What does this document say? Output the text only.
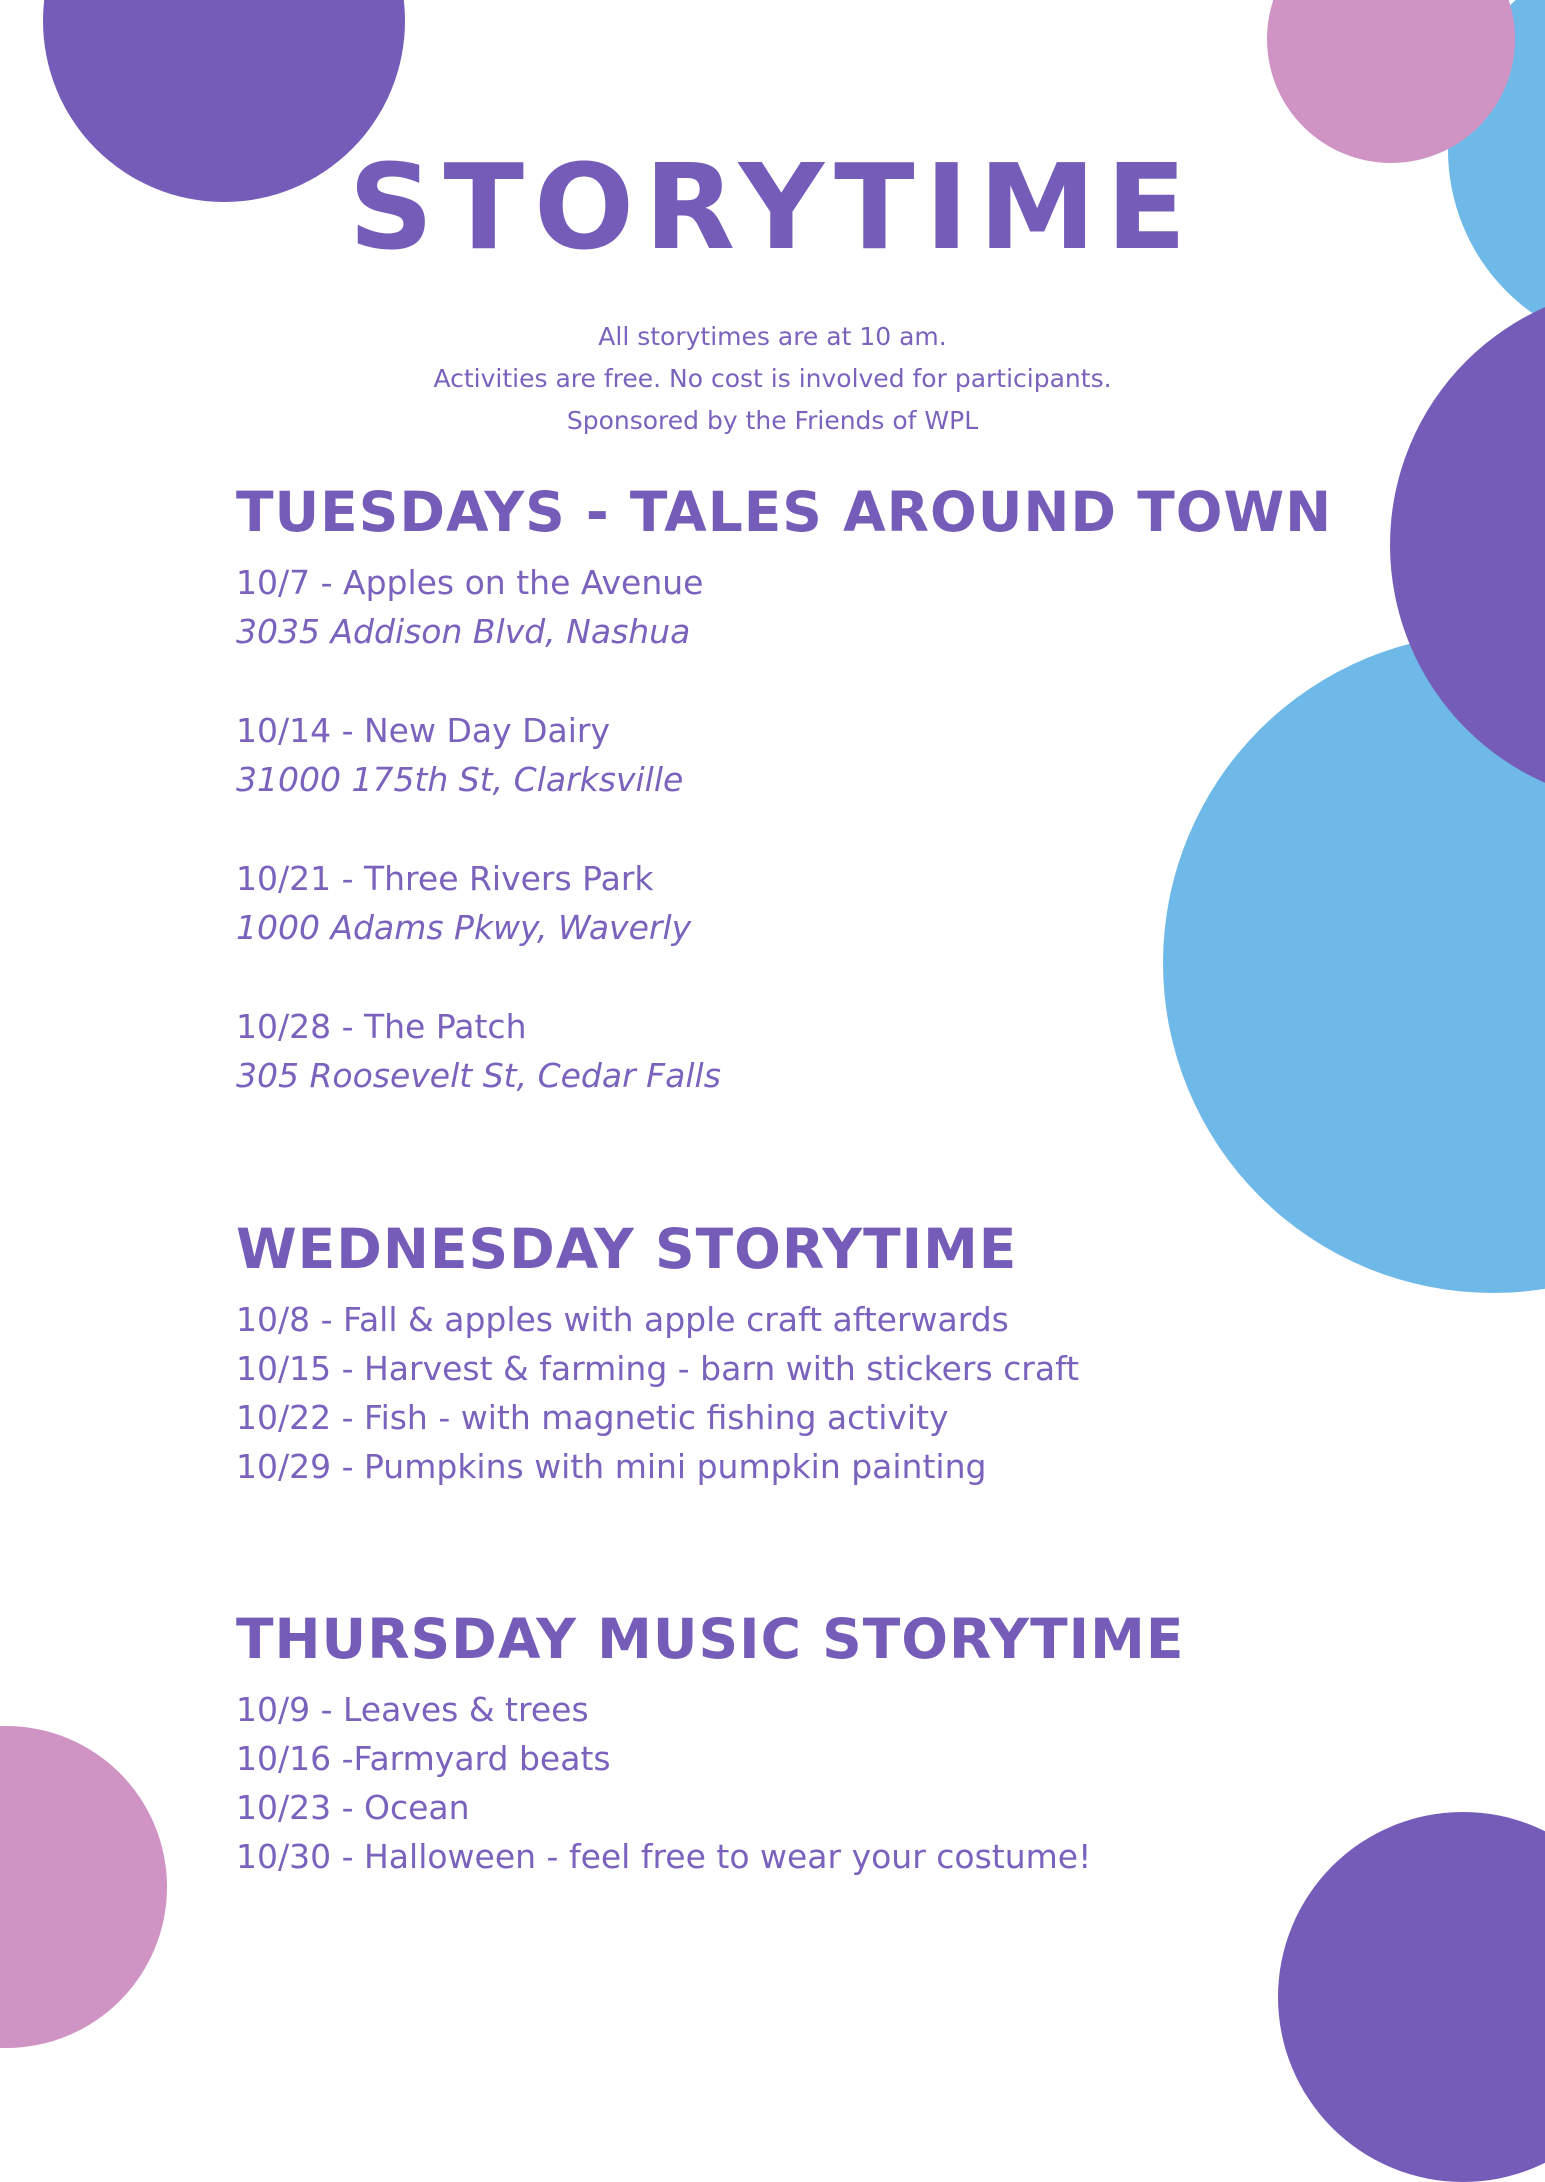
STORYTIME
All storytimes are at 10 am.
Activities are free. No cost is involved for participants.
Sponsored by the Friends of WPL
TUESDAYS - TALES AROUND TOWN
10/7 - Apples on the Avenue
3035 Addison Blvd, Nashua
10/14 - New Day Dairy
31000 175th St, Clarksville
10/21 - Three Rivers Park
1000 Adams Pkwy, Waverly
10/28 - The Patch
305 Roosevelt St, Cedar Falls
WEDNESDAY STORYTIME
10/8 - Fall & apples with apple craft afterwards
10/15 - Harvest & farming - barn with stickers craft
10/22 - Fish - with magnetic fishing activity
10/29 - Pumpkins with mini pumpkin painting
THURSDAY MUSIC STORYTIME
10/9 - Leaves & trees
10/16 -Farmyard beats
10/23 - Ocean
10/30 - Halloween - feel free to wear your costume!
